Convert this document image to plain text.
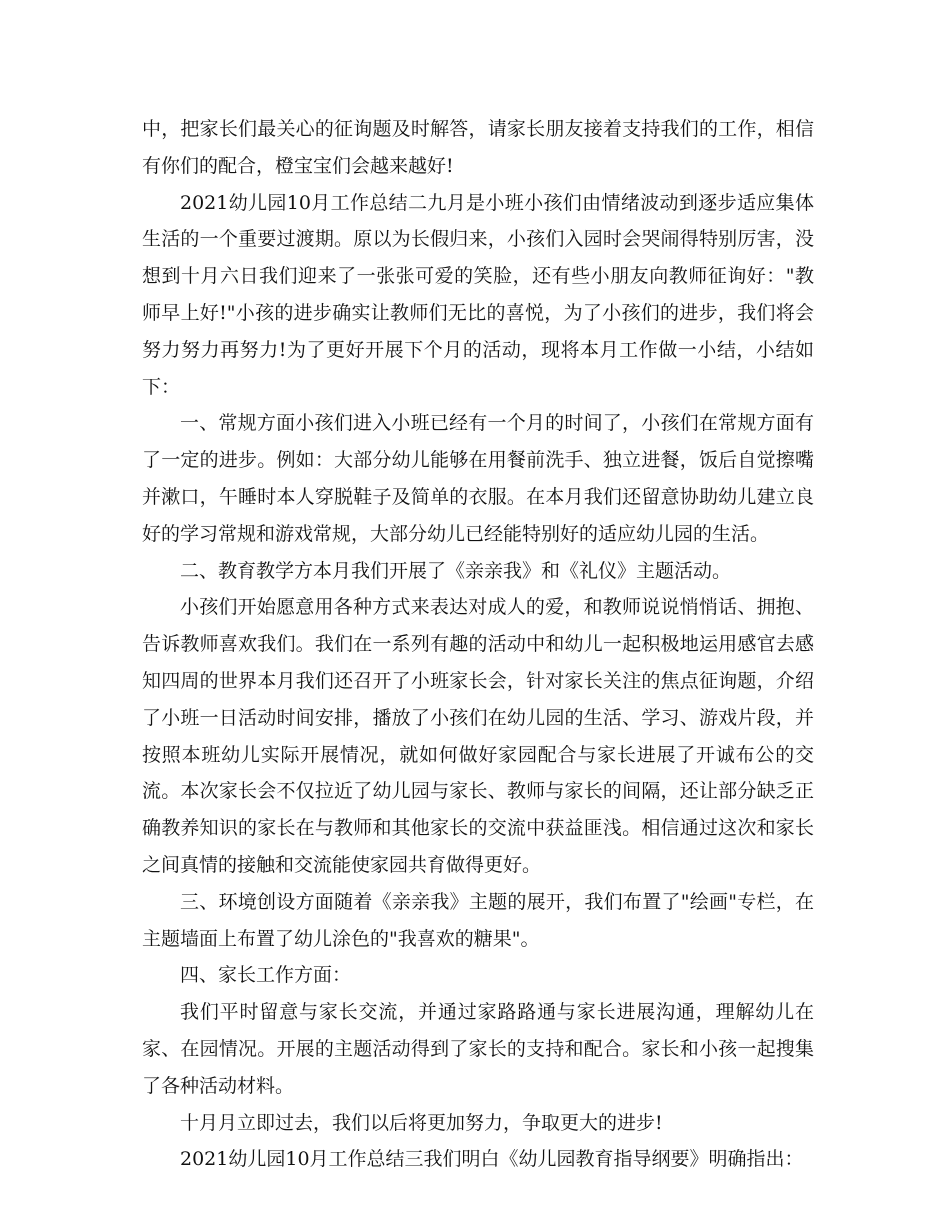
中，把家长们最关心的征询题及时解答，请家长朋友接着支持我们的工作，相信有你们的配合，橙宝宝们会越来越好!

2021幼儿园10月工作总结二九月是小班小孩们由情绪波动到逐步适应集体生活的一个重要过渡期。原以为长假归来，小孩们入园时会哭闹得特别厉害，没想到十月六日我们迎来了一张张可爱的笑脸，还有些小朋友向教师征询好："教师早上好!"小孩的进步确实让教师们无比的喜悦，为了小孩们的进步，我们将会努力努力再努力!为了更好开展下个月的活动，现将本月工作做一小结，小结如下：

一、常规方面小孩们进入小班已经有一个月的时间了，小孩们在常规方面有了一定的进步。例如：大部分幼儿能够在用餐前洗手、独立进餐，饭后自觉擦嘴并漱口，午睡时本人穿脱鞋子及简单的衣服。在本月我们还留意协助幼儿建立良好的学习常规和游戏常规，大部分幼儿已经能特别好的适应幼儿园的生活。

二、教育教学方本月我们开展了《亲亲我》和《礼仪》主题活动。

小孩们开始愿意用各种方式来表达对成人的爱，和教师说说悄悄话、拥抱、告诉教师喜欢我们。我们在一系列有趣的活动中和幼儿一起积极地运用感官去感知四周的世界本月我们还召开了小班家长会，针对家长关注的焦点征询题，介绍了小班一日活动时间安排，播放了小孩们在幼儿园的生活、学习、游戏片段，并按照本班幼儿实际开展情况，就如何做好家园配合与家长进展了开诚布公的交流。本次家长会不仅拉近了幼儿园与家长、教师与家长的间隔，还让部分缺乏正确教养知识的家长在与教师和其他家长的交流中获益匪浅。相信通过这次和家长之间真情的接触和交流能使家园共育做得更好。

三、环境创设方面随着《亲亲我》主题的展开，我们布置了"绘画"专栏，在主题墙面上布置了幼儿涂色的"我喜欢的糖果"。

四、家长工作方面：

我们平时留意与家长交流，并通过家路路通与家长进展沟通，理解幼儿在家、在园情况。开展的主题活动得到了家长的支持和配合。家长和小孩一起搜集了各种活动材料。

十月月立即过去，我们以后将更加努力，争取更大的进步!

2021幼儿园10月工作总结三我们明白《幼儿园教育指导纲要》明确指出：
